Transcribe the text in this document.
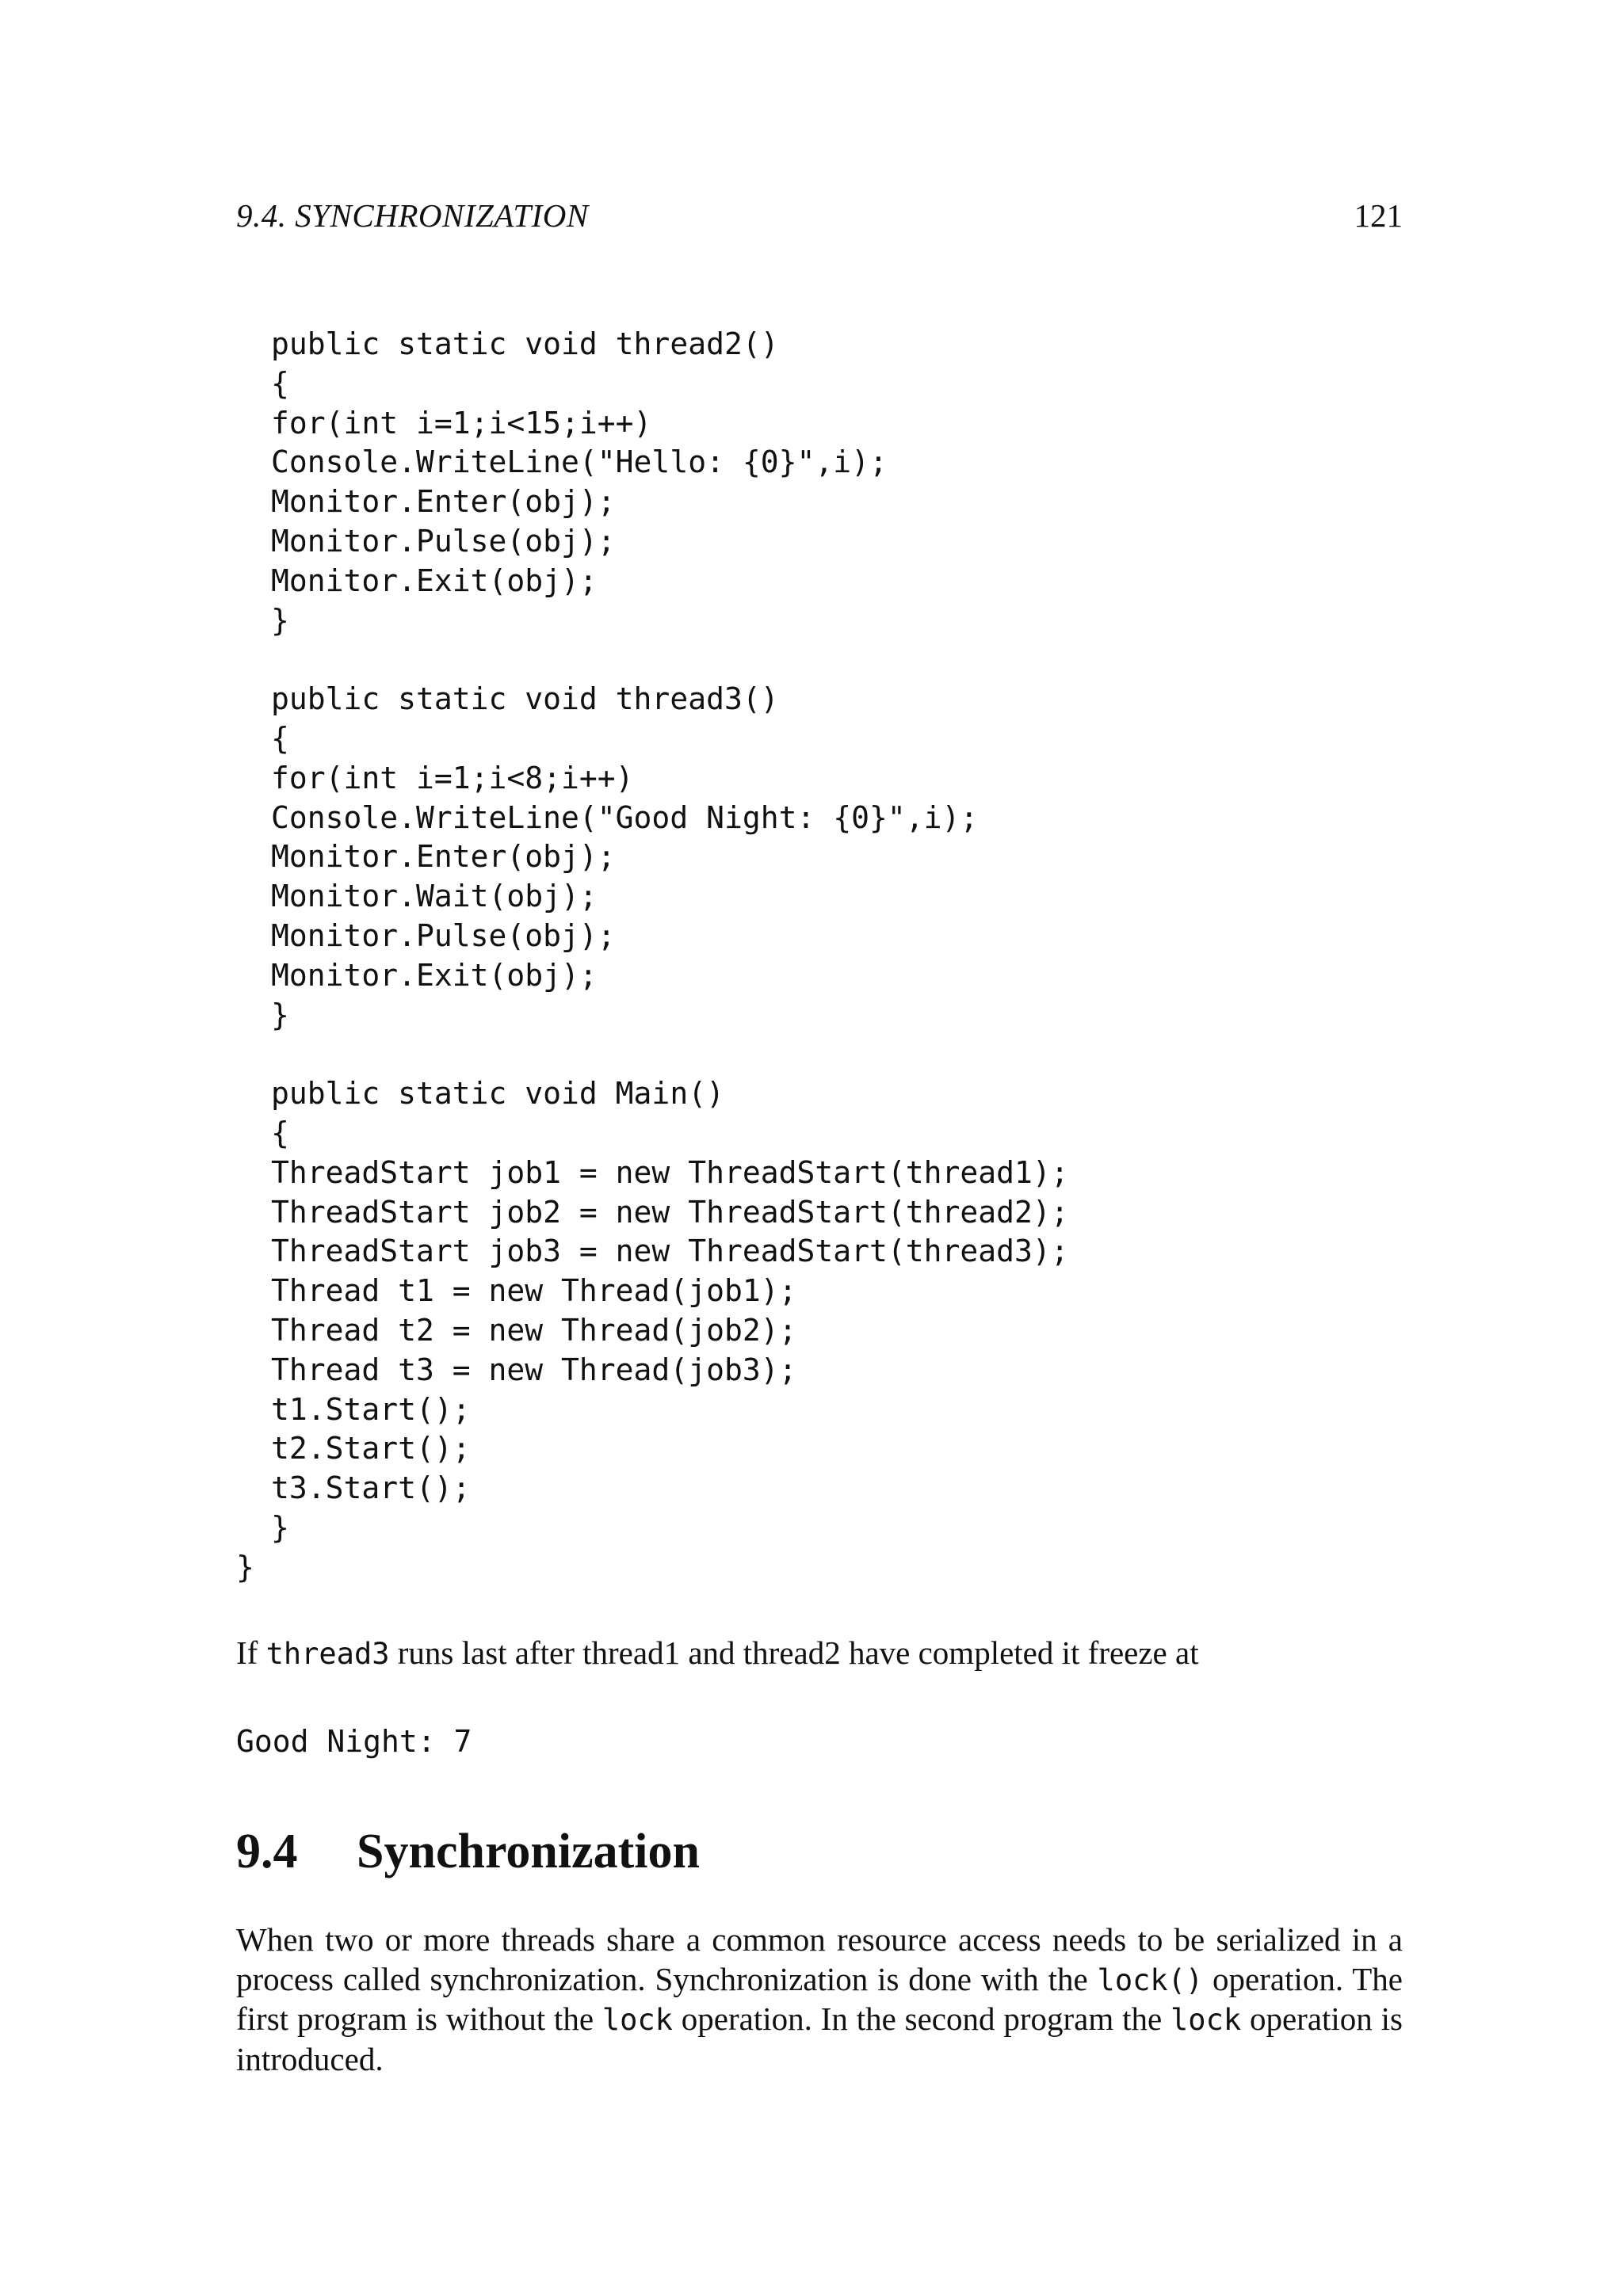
9.4. SYNCHRONIZATION	121
public static void thread2()
{
for(int i=1;i<15;i++)
Console.WriteLine("Hello: {0}",i);
Monitor.Enter(obj);
Monitor.Pulse(obj);
Monitor.Exit(obj);
}
public static void thread3()
{
for(int i=1;i<8;i++)
Console.WriteLine("Good Night: {0}",i);
Monitor.Enter(obj);
Monitor.Wait(obj);
Monitor.Pulse(obj);
Monitor.Exit(obj);
}
public static void Main()
{
ThreadStart job1 = new ThreadStart(thread1);
ThreadStart job2 = new ThreadStart(thread2);
ThreadStart job3 = new ThreadStart(thread3);
Thread t1 = new Thread(job1);
Thread t2 = new Thread(job2);
Thread t3 = new Thread(job3);
t1.Start();
t2.Start();
t3.Start();
}
}

If thread3 runs last after thread1 and thread2 have completed it freeze at

Good Night: 7
9.4 Synchronization

When two or more threads share a common resource access needs to be serialized in a process called synchronization. Synchronization is done with the lock() operation. The first program is without the lock operation. In the second program the lock operation is introduced.
